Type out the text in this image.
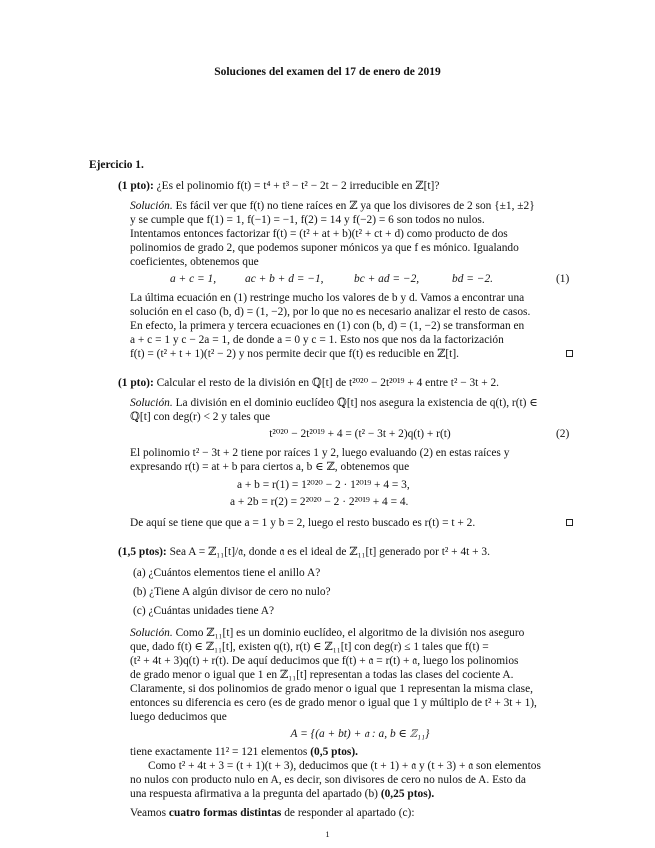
Soluciones del examen del 17 de enero de 2019
Ejercicio 1.
(1 pto): ¿Es el polinomio f(t) = t⁴ + t³ − t² − 2t − 2 irreducible en ℤ[t]?
Solución. Es fácil ver que f(t) no tiene raíces en ℤ ya que los divisores de 2 son {±1, ±2}
y se cumple que f(1) = 1, f(−1) = −1, f(2) = 14 y f(−2) = 6 son todos no nulos.
Intentamos entonces factorizar f(t) = (t² + at + b)(t² + ct + d) como producto de dos
polinomios de grado 2, que podemos suponer mónicos ya que f es mónico. Igualando
coeficientes, obtenemos que
a + c = 1,	ac + b + d = −1,	bc + ad = −2,	bd = −2.	(1)
La última ecuación en (1) restringe mucho los valores de b y d. Vamos a encontrar una
solución en el caso (b, d) = (1, −2), por lo que no es necesario analizar el resto de casos.
En efecto, la primera y tercera ecuaciones en (1) con (b, d) = (1, −2) se transforman en
a + c = 1 y c − 2a = 1, de donde a = 0 y c = 1. Esto nos que nos da la factorización
f(t) = (t² + t + 1)(t² − 2) y nos permite decir que f(t) es reducible en ℤ[t].
(1 pto): Calcular el resto de la división en ℚ[t] de t²⁰²⁰ − 2t²⁰¹⁹ + 4 entre t² − 3t + 2.
Solución. La división en el dominio euclídeo ℚ[t] nos asegura la existencia de q(t), r(t) ∈
ℚ[t] con deg(r) < 2 y tales que
t²⁰²⁰ − 2t²⁰¹⁹ + 4 = (t² − 3t + 2)q(t) + r(t)	(2)
El polinomio t² − 3t + 2 tiene por raíces 1 y 2, luego evaluando (2) en estas raíces y
expresando r(t) = at + b para ciertos a, b ∈ ℤ, obtenemos que
a + b = r(1) = 1²⁰²⁰ − 2 · 1²⁰¹⁹ + 4 = 3,
a + 2b = r(2) = 2²⁰²⁰ − 2 · 2²⁰¹⁹ + 4 = 4.
De aquí se tiene que que a = 1 y b = 2, luego el resto buscado es r(t) = t + 2.
(1,5 ptos): Sea A = ℤ₁₁[t]/𝔞, donde 𝔞 es el ideal de ℤ₁₁[t] generado por t² + 4t + 3.
(a) ¿Cuántos elementos tiene el anillo A?
(b) ¿Tiene A algún divisor de cero no nulo?
(c) ¿Cuántas unidades tiene A?
Solución. Como ℤ₁₁[t] es un dominio euclídeo, el algoritmo de la división nos aseguro
que, dado f(t) ∈ ℤ₁₁[t], existen q(t), r(t) ∈ ℤ₁₁[t] con deg(r) ≤ 1 tales que f(t) =
(t² + 4t + 3)q(t) + r(t). De aquí deducimos que f(t) + 𝔞 = r(t) + 𝔞, luego los polinomios
de grado menor o igual que 1 en ℤ₁₁[t] representan a todas las clases del cociente A.
Claramente, si dos polinomios de grado menor o igual que 1 representan la misma clase,
entonces su diferencia es cero (es de grado menor o igual que 1 y múltiplo de t² + 3t + 1),
luego deducimos que
A = {(a + bt) + 𝔞 : a, b ∈ ℤ₁₁}
tiene exactamente 11² = 121 elementos (0,5 ptos).
Como t² + 4t + 3 = (t + 1)(t + 3), deducimos que (t + 1) + 𝔞 y (t + 3) + 𝔞 son elementos
no nulos con producto nulo en A, es decir, son divisores de cero no nulos de A. Esto da
una respuesta afirmativa a la pregunta del apartado (b) (0,25 ptos).
Veamos cuatro formas distintas de responder al apartado (c):
1
